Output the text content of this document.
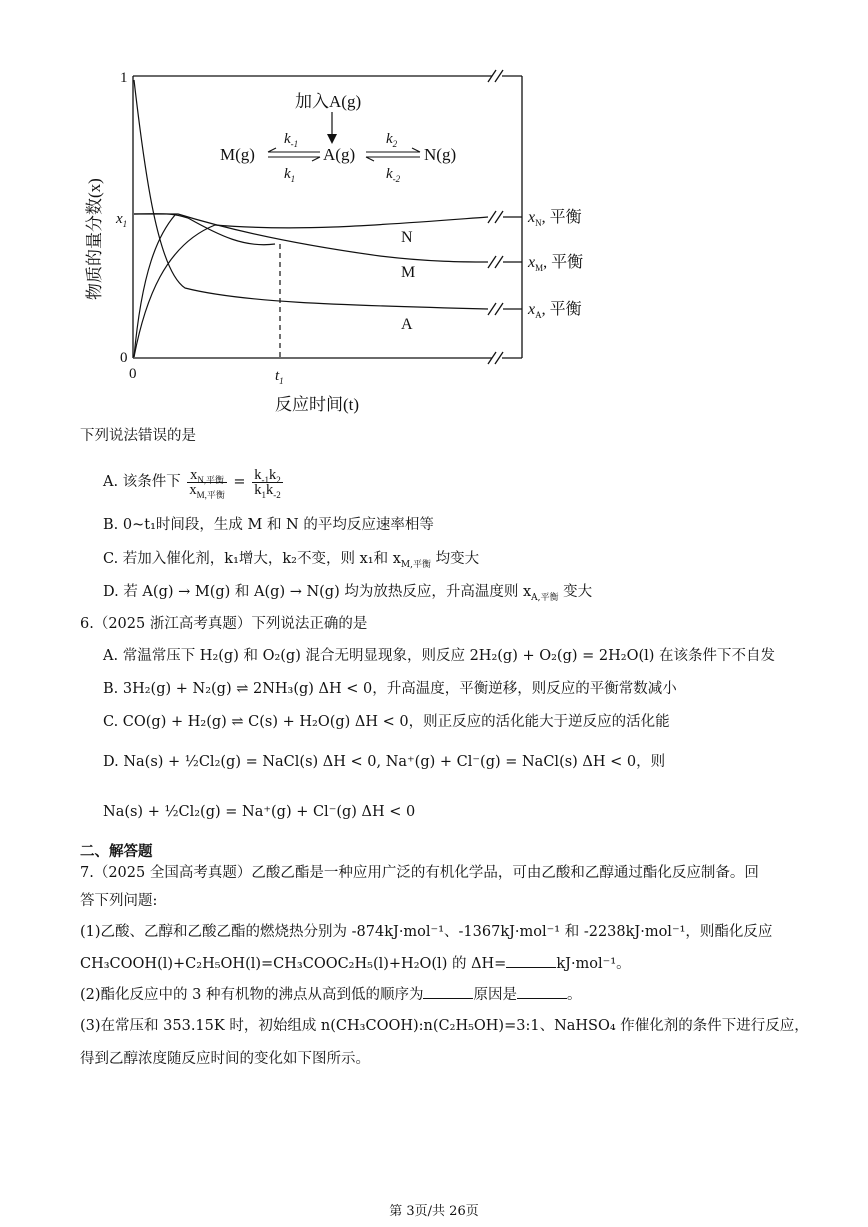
1
$x_1$
0
0	$t_1$
反应时间(t)
物质的量分数(x)
加入A(g)
M(g)	A(g)	N(g)
$k_{-1}$
$k_1$
$k_2$
$k_{-2}$
N
M
A
$x_N$, 平衡
$x_M$, 平衡
$x_A$, 平衡
下列说法错误的是
A. 该条件下 $\frac{x_{N,平衡}}{x_{M,平衡}} = \frac{k_{-1}k_2}{k_1k_{-2}}$
B. 0~t₁时间段，生成 M 和 N 的平均反应速率相等
C. 若加入催化剂，k₁增大，k₂不变，则 x₁和 $x_{M,平衡}$ 均变大
D. 若 A(g) → M(g) 和 A(g) → N(g) 均为放热反应，升高温度则 $x_{A,平衡}$ 变大
6.（2025 浙江高考真题）下列说法正确的是
A. 常温常压下 H₂(g) 和 O₂(g) 混合无明显现象，则反应 2H₂(g) + O₂(g) = 2H₂O(l) 在该条件下不自发
B. 3H₂(g) + N₂(g) ⇌ 2NH₃(g) ΔH < 0，升高温度，平衡逆移，则反应的平衡常数减小
C. CO(g) + H₂(g) ⇌ C(s) + H₂O(g) ΔH < 0，则正反应的活化能大于逆反应的活化能
D. Na(s) + ½Cl₂(g) = NaCl(s) ΔH < 0, Na⁺(g) + Cl⁻(g) = NaCl(s) ΔH < 0，则
Na(s) + ½Cl₂(g) = Na⁺(g) + Cl⁻(g) ΔH < 0
二、解答题
7.（2025 全国高考真题）乙酸乙酯是一种应用广泛的有机化学品，可由乙酸和乙醇通过酯化反应制备。回
答下列问题:
(1)乙酸、乙醇和乙酸乙酯的燃烧热分别为 -874kJ·mol⁻¹、-1367kJ·mol⁻¹ 和 -2238kJ·mol⁻¹，则酯化反应
CH₃COOH(l)+C₂H₅OH(l)=CH₃COOC₂H₅(l)+H₂O(l) 的 ΔH=	kJ·mol⁻¹。
(2)酯化反应中的 3 种有机物的沸点从高到低的顺序为	原因是	。
(3)在常压和 353.15K 时，初始组成 n(CH₃COOH):n(C₂H₅OH)=3:1、NaHSO₄ 作催化剂的条件下进行反应，
得到乙醇浓度随反应时间的变化如下图所示。
第 3页/共 26页
